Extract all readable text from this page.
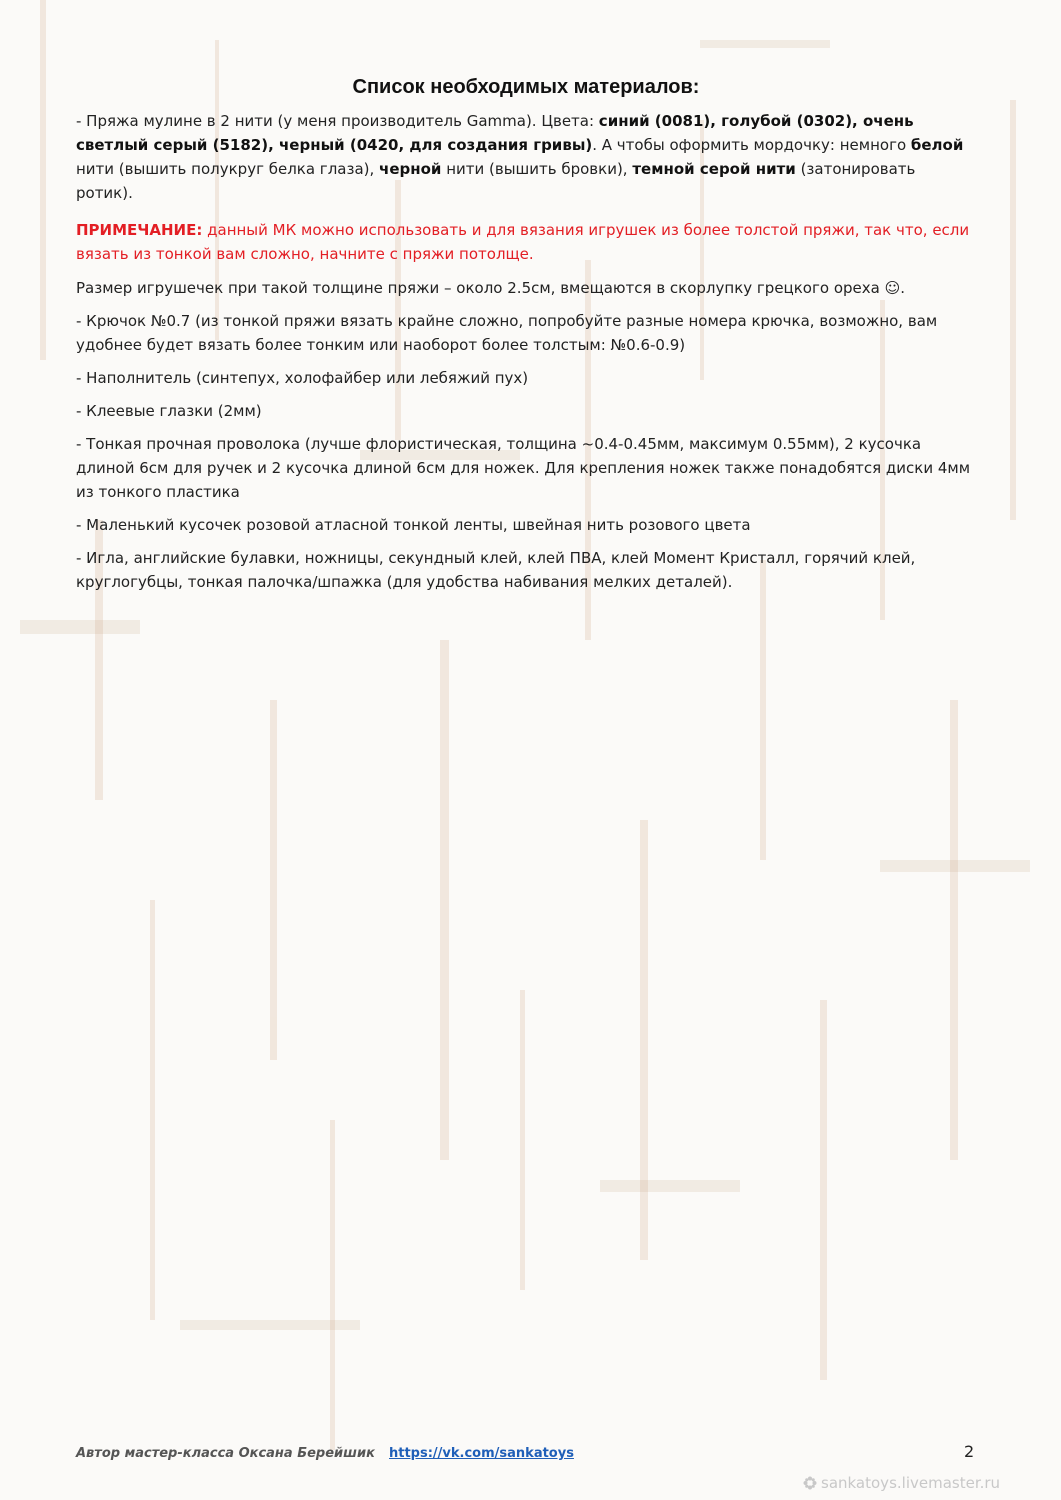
Список необходимых материалов:

- Пряжа мулине в 2 нити (у меня производитель Gamma). Цвета: синий (0081), голубой (0302), очень светлый серый (5182), черный (0420, для создания гривы). А чтобы оформить мордочку: немного белой нити (вышить полукруг белка глаза), черной нити (вышить бровки), темной серой нити (затонировать ротик).

ПРИМЕЧАНИЕ: данный МК можно использовать и для вязания игрушек из более толстой пряжи, так что, если вязать из тонкой вам сложно, начните с пряжи потолще.

Размер игрушечек при такой толщине пряжи – около 2.5см, вмещаются в скорлупку грецкого ореха ☺.

- Крючок №0.7 (из тонкой пряжи вязать крайне сложно, попробуйте разные номера крючка, возможно, вам удобнее будет вязать более тонким или наоборот более толстым: №0.6-0.9)

- Наполнитель (синтепух, холофайбер или лебяжий пух)

- Клеевые глазки (2мм)

- Тонкая прочная проволока (лучше флористическая, толщина ~0.4-0.45мм, максимум 0.55мм), 2 кусочка длиной 6см для ручек и 2 кусочка длиной 6см для ножек. Для крепления ножек также понадобятся диски 4мм из тонкого пластика

- Маленький кусочек розовой атласной тонкой ленты, швейная нить розового цвета

- Игла, английские булавки, ножницы, секундный клей, клей ПВА, клей Момент Кристалл, горячий клей, круглогубцы, тонкая палочка/шпажка (для удобства набивания мелких деталей).

Автор мастер-класса Оксана Берейшик https://vk.com/sankatoys	2
sankatoys.livemaster.ru
